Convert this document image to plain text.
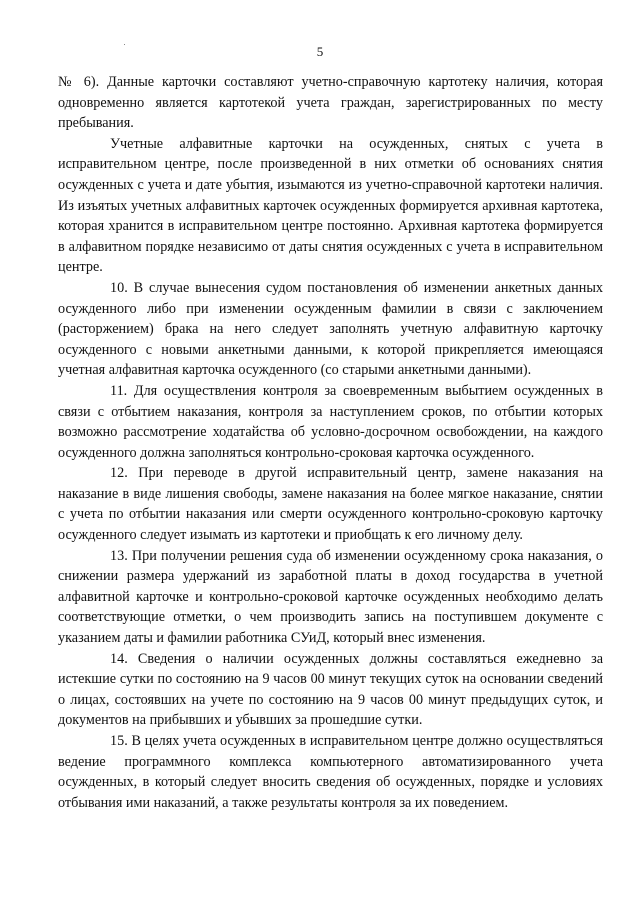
5

№ 6). Данные карточки составляют учетно-справочную картотеку наличия, которая одновременно является картотекой учета граждан, зарегистрированных по месту пребывания.

Учетные алфавитные карточки на осужденных, снятых с учета в исправительном центре, после произведенной в них отметки об основаниях снятия осужденных с учета и дате убытия, изымаются из учетно-справочной картотеки наличия. Из изъятых учетных алфавитных карточек осужденных формируется архивная картотека, которая хранится в исправительном центре постоянно. Архивная картотека формируется в алфавитном порядке независимо от даты снятия осужденных с учета в исправительном центре.

10. В случае вынесения судом постановления об изменении анкетных данных осужденного либо при изменении осужденным фамилии в связи с заключением (расторжением) брака на него следует заполнять учетную алфавитную карточку осужденного с новыми анкетными данными, к которой прикрепляется имеющаяся учетная алфавитная карточка осужденного (со старыми анкетными данными).

11. Для осуществления контроля за своевременным выбытием осужденных в связи с отбытием наказания, контроля за наступлением сроков, по отбытии которых возможно рассмотрение ходатайства об условно-досрочном освобождении, на каждого осужденного должна заполняться контрольно-сроковая карточка осужденного.

12. При переводе в другой исправительный центр, замене наказания на наказание в виде лишения свободы, замене наказания на более мягкое наказание, снятии с учета по отбытии наказания или смерти осужденного контрольно-сроковую карточку осужденного следует изымать из картотеки и приобщать к его личному делу.

13. При получении решения суда об изменении осужденному срока наказания, о снижении размера удержаний из заработной платы в доход государства в учетной алфавитной карточке и контрольно-сроковой карточке осужденных необходимо делать соответствующие отметки, о чем производить запись на поступившем документе с указанием даты и фамилии работника СУиД, который внес изменения.

14. Сведения о наличии осужденных должны составляться ежедневно за истекшие сутки по состоянию на 9 часов 00 минут текущих суток на основании сведений о лицах, состоявших на учете по состоянию на 9 часов 00 минут предыдущих суток, и документов на прибывших и убывших за прошедшие сутки.

15. В целях учета осужденных в исправительном центре должно осуществляться ведение программного комплекса компьютерного автоматизированного учета осужденных, в который следует вносить сведения об осужденных, порядке и условиях отбывания ими наказаний, а также результаты контроля за их поведением.
